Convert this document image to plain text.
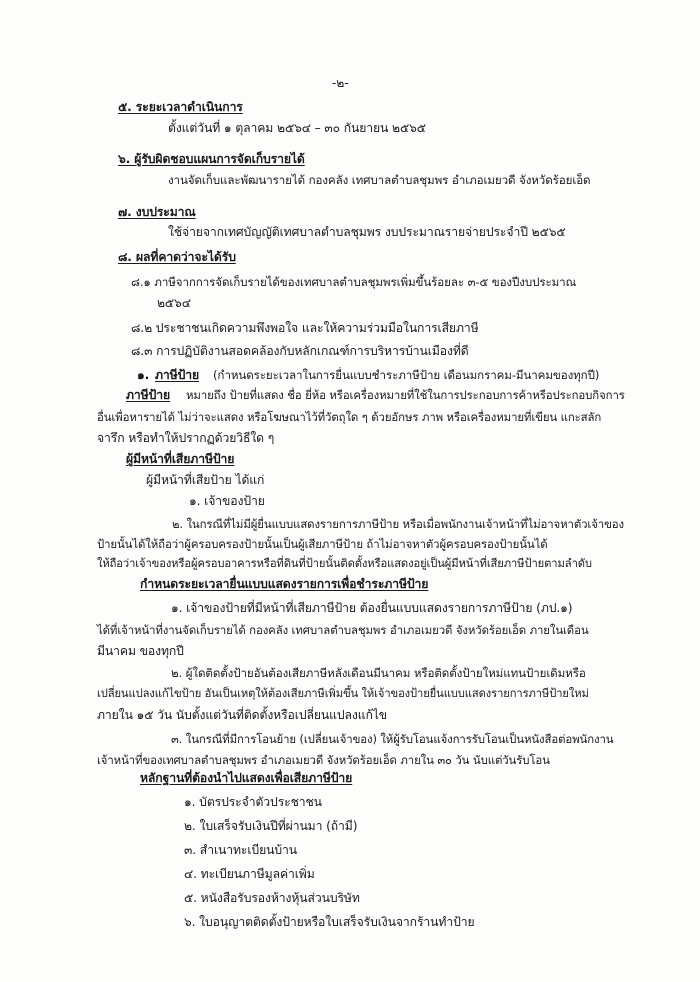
-๒-
๕. ระยะเวลาดำเนินการ
ตั้งแต่วันที่ ๑ ตุลาคม ๒๕๖๔ – ๓๐ กันยายน ๒๕๖๕
๖. ผู้รับผิดชอบแผนการจัดเก็บรายได้
งานจัดเก็บและพัฒนารายได้ กองคลัง เทศบาลตำบลชุมพร อำเภอเมยวดี จังหวัดร้อยเอ็ด
๗. งบประมาณ
ใช้จ่ายจากเทศบัญญัติเทศบาลตำบลชุมพร งบประมาณรายจ่ายประจำปี ๒๕๖๕
๘. ผลที่คาดว่าจะได้รับ
๘.๑ ภาษีจากการจัดเก็บรายได้ของเทศบาลตำบลชุมพรเพิ่มขึ้นร้อยละ ๓-๕ ของปีงบประมาณ
๒๕๖๔
๘.๒ ประชาชนเกิดความพึงพอใจ และให้ความร่วมมือในการเสียภาษี
๘.๓ การปฏิบัติงานสอดคล้องกับหลักเกณฑ์การบริหารบ้านเมืองที่ดี
๑. ภาษีป้าย (กำหนดระยะเวลาในการยื่นแบบชำระภาษีป้าย เดือนมกราคม-มีนาคมของทุกปี)
ภาษีป้าย หมายถึง ป้ายที่แสดง ชื่อ ยี่ห้อ หรือเครื่องหมายที่ใช้ในการประกอบการค้าหรือประกอบกิจการ
อื่นเพื่อหารายได้ ไม่ว่าจะแสดง หรือโฆษณาไว้ที่วัตถุใด ๆ ด้วยอักษร ภาพ หรือเครื่องหมายที่เขียน แกะสลัก
จารึก หรือทำให้ปรากฏด้วยวิธีใด ๆ
ผู้มีหน้าที่เสียภาษีป้าย
ผู้มีหน้าที่เสียป้าย ได้แก่
๑. เจ้าของป้าย
๒. ในกรณีที่ไม่มีผู้ยื่นแบบแสดงรายการภาษีป้าย หรือเมื่อพนักงานเจ้าหน้าที่ไม่อาจหาตัวเจ้าของ
ป้ายนั้นได้ให้ถือว่าผู้ครอบครองป้ายนั้นเป็นผู้เสียภาษีป้าย ถ้าไม่อาจหาตัวผู้ครอบครองป้ายนั้นได้
ให้ถือว่าเจ้าของหรือผู้ครอบอาคารหรือที่ดินที่ป้ายนั้นติดตั้งหรือแสดงอยู่เป็นผู้มีหน้าที่เสียภาษีป้ายตามลำดับ
กำหนดระยะเวลายื่นแบบแสดงรายการเพื่อชำระภาษีป้าย
๑. เจ้าของป้ายที่มีหน้าที่เสียภาษีป้าย ต้องยื่นแบบแสดงรายการภาษีป้าย (ภป.๑)
ได้ที่เจ้าหน้าที่งานจัดเก็บรายได้ กองคลัง เทศบาลตำบลชุมพร อำเภอเมยวดี จังหวัดร้อยเอ็ด ภายในเดือน
มีนาคม ของทุกปี
๒. ผู้ใดติดตั้งป้ายอันต้องเสียภาษีหลังเดือนมีนาคม หรือติดตั้งป้ายใหม่แทนป้ายเดิมหรือ
เปลี่ยนแปลงแก้ไขป้าย อันเป็นเหตุให้ต้องเสียภาษีเพิ่มขึ้น ให้เจ้าของป้ายยื่นแบบแสดงรายการภาษีป้ายใหม่
ภายใน ๑๕ วัน นับตั้งแต่วันที่ติดตั้งหรือเปลี่ยนแปลงแก้ไข
๓. ในกรณีที่มีการโอนย้าย (เปลี่ยนเจ้าของ) ให้ผู้รับโอนแจ้งการรับโอนเป็นหนังสือต่อพนักงาน
เจ้าหน้าที่ของเทศบาลตำบลชุมพร อำเภอเมยวดี จังหวัดร้อยเอ็ด ภายใน ๓๐ วัน นับแต่วันรับโอน
หลักฐานที่ต้องนำไปแสดงเพื่อเสียภาษีป้าย
๑. บัตรประจำตัวประชาชน
๒. ใบเสร็จรับเงินปีที่ผ่านมา (ถ้ามี)
๓. สำเนาทะเบียนบ้าน
๔. ทะเบียนภาษีมูลค่าเพิ่ม
๕. หนังสือรับรองห้างหุ้นส่วนบริษัท
๖. ใบอนุญาตติดตั้งป้ายหรือใบเสร็จรับเงินจากร้านทำป้าย
